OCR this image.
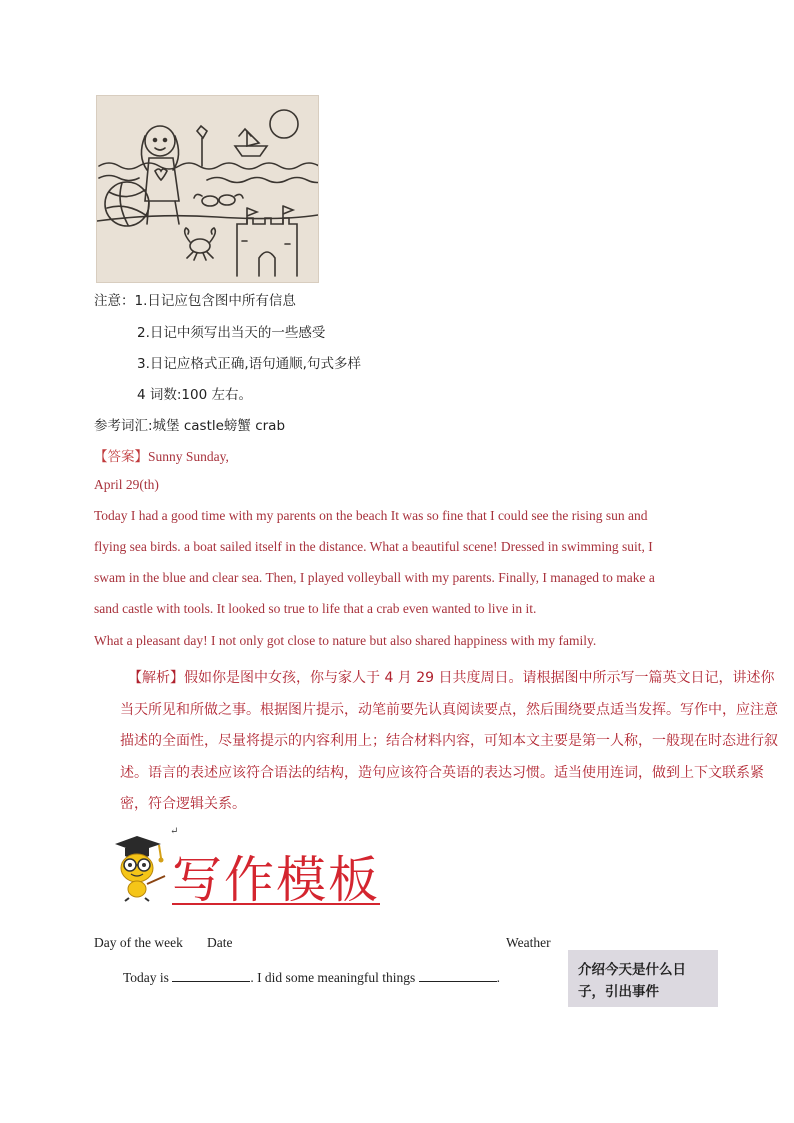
注意：1.日记应包含图中所有信息
2.日记中须写出当天的一些感受
3.日记应格式正确,语句通顺,句式多样
4 词数:100 左右。
参考词汇:城堡 castle螃蟹 crab
【答案】Sunny Sunday,
April 29(th)
Today I had a good time with my parents on the beach It was so fine that I could see the rising sun and
flying sea birds. a boat sailed itself in the distance. What a beautiful scene! Dressed in swimming suit, I
swam in the blue and clear sea. Then, I played volleyball with my parents. Finally, I managed to make a
sand castle with tools. It looked so true to life that a crab even wanted to live in it.
What a pleasant day! I not only got close to nature but also shared happiness with my family.
【解析】假如你是图中女孩，你与家人于 4 月 29 日共度周日。请根据图中所示写一篇英文日记，讲述你当天所见和所做之事。根据图片提示，动笔前要先认真阅读要点，然后围绕要点适当发挥。写作中，应注意描述的全面性，尽量将提示的内容利用上；结合材料内容，可知本文主要是第一人称，一般现在时态进行叙述。语言的表述应该符合语法的结构，造句应该符合英语的表达习惯。适当使用连词，做到上下文联系紧密，符合逻辑关系。
↵
写作模板
Day of the week Date	Weather
Today is	. I did some meaningful things	.	介绍今天是什么日子，引出事件
